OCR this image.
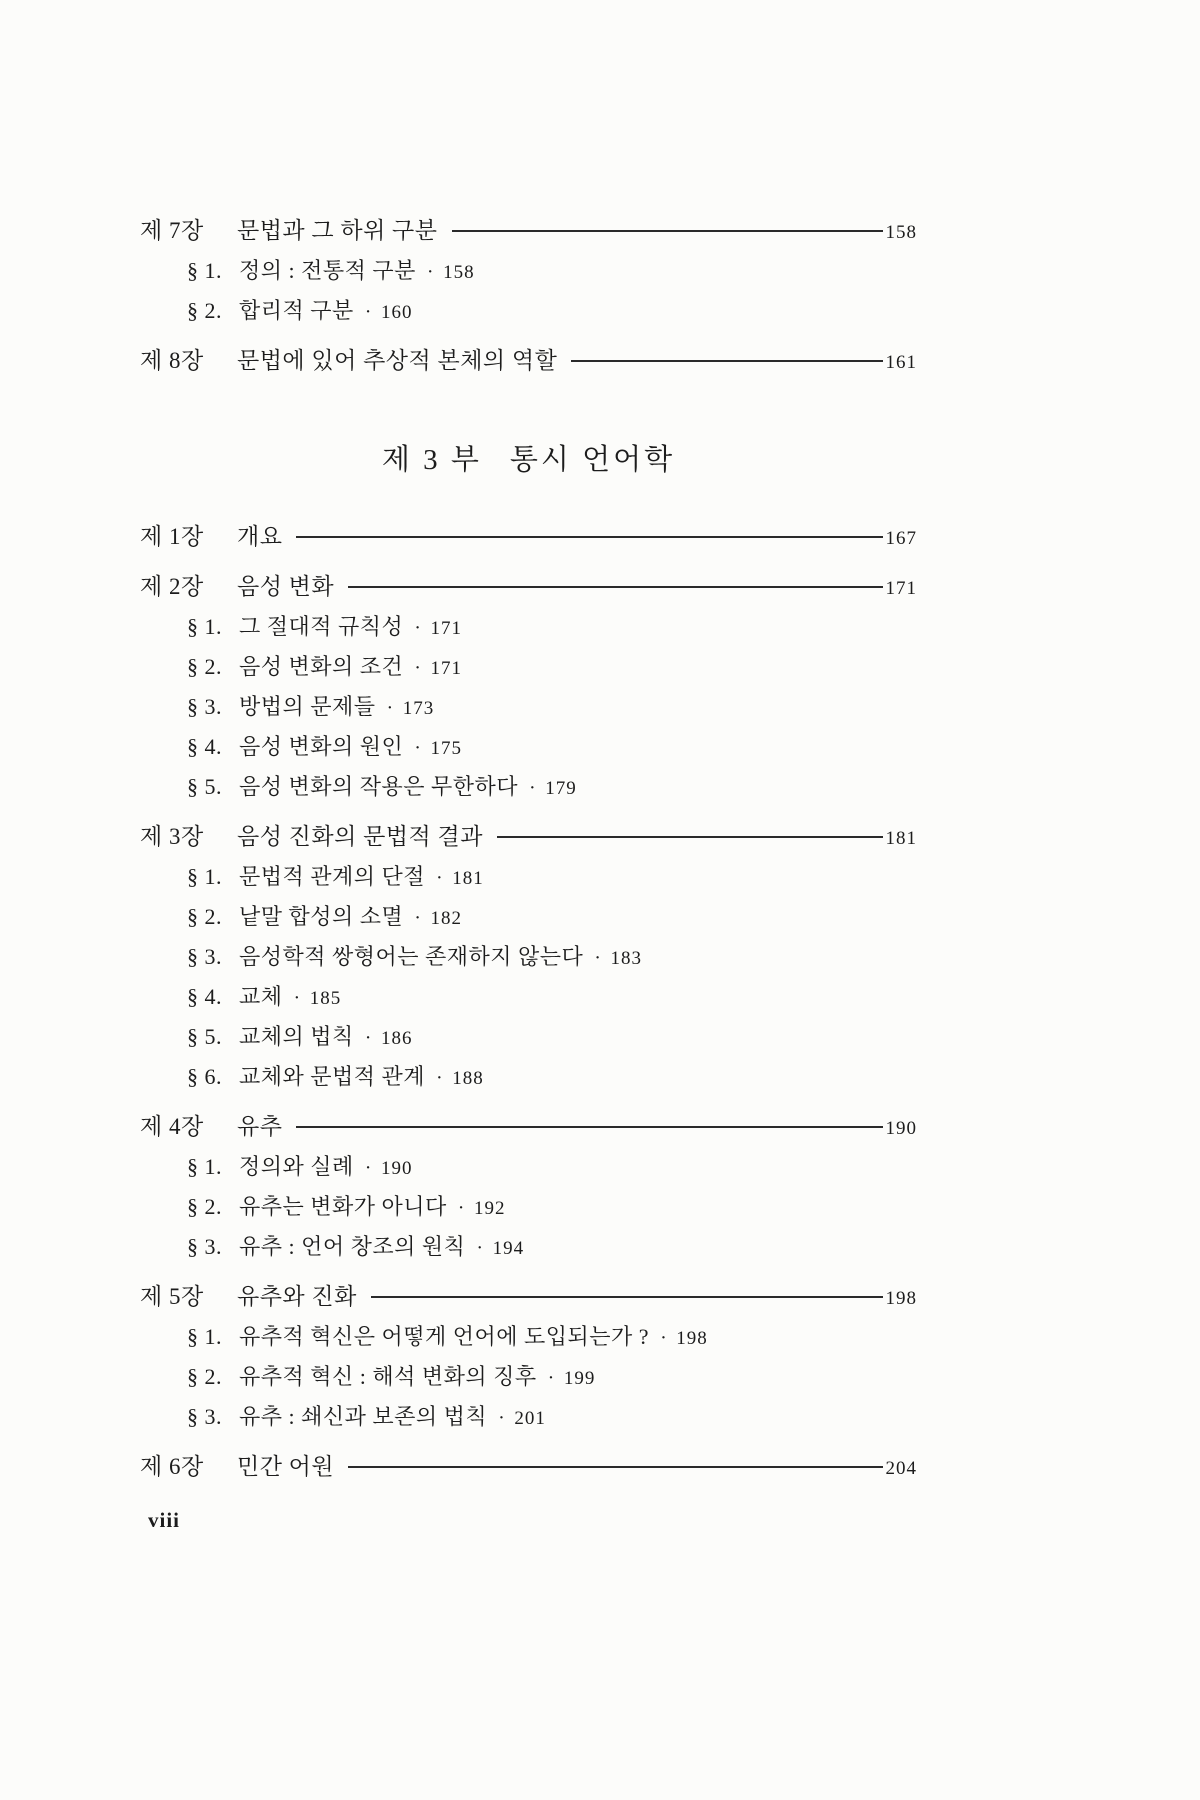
제 7장	문법과 그 하위 구분	158
§ 1. 정의 : 전통적 구분 · 158
§ 2. 합리적 구분 · 160
제 8장	문법에 있어 추상적 본체의 역할	161
제 3 부 통시 언어학
제 1장	개요	167
제 2장	음성 변화	171
§ 1. 그 절대적 규칙성 · 171
§ 2. 음성 변화의 조건 · 171
§ 3. 방법의 문제들 · 173
§ 4. 음성 변화의 원인 · 175
§ 5. 음성 변화의 작용은 무한하다 · 179
제 3장	음성 진화의 문법적 결과	181
§ 1. 문법적 관계의 단절 · 181
§ 2. 낱말 합성의 소멸 · 182
§ 3. 음성학적 쌍형어는 존재하지 않는다 · 183
§ 4. 교체 · 185
§ 5. 교체의 법칙 · 186
§ 6. 교체와 문법적 관계 · 188
제 4장	유추	190
§ 1. 정의와 실례 · 190
§ 2. 유추는 변화가 아니다 · 192
§ 3. 유추 : 언어 창조의 원칙 · 194
제 5장	유추와 진화	198
§ 1. 유추적 혁신은 어떻게 언어에 도입되는가 ? · 198
§ 2. 유추적 혁신 : 해석 변화의 징후 · 199
§ 3. 유추 : 쇄신과 보존의 법칙 · 201
제 6장	민간 어원	204
viii
